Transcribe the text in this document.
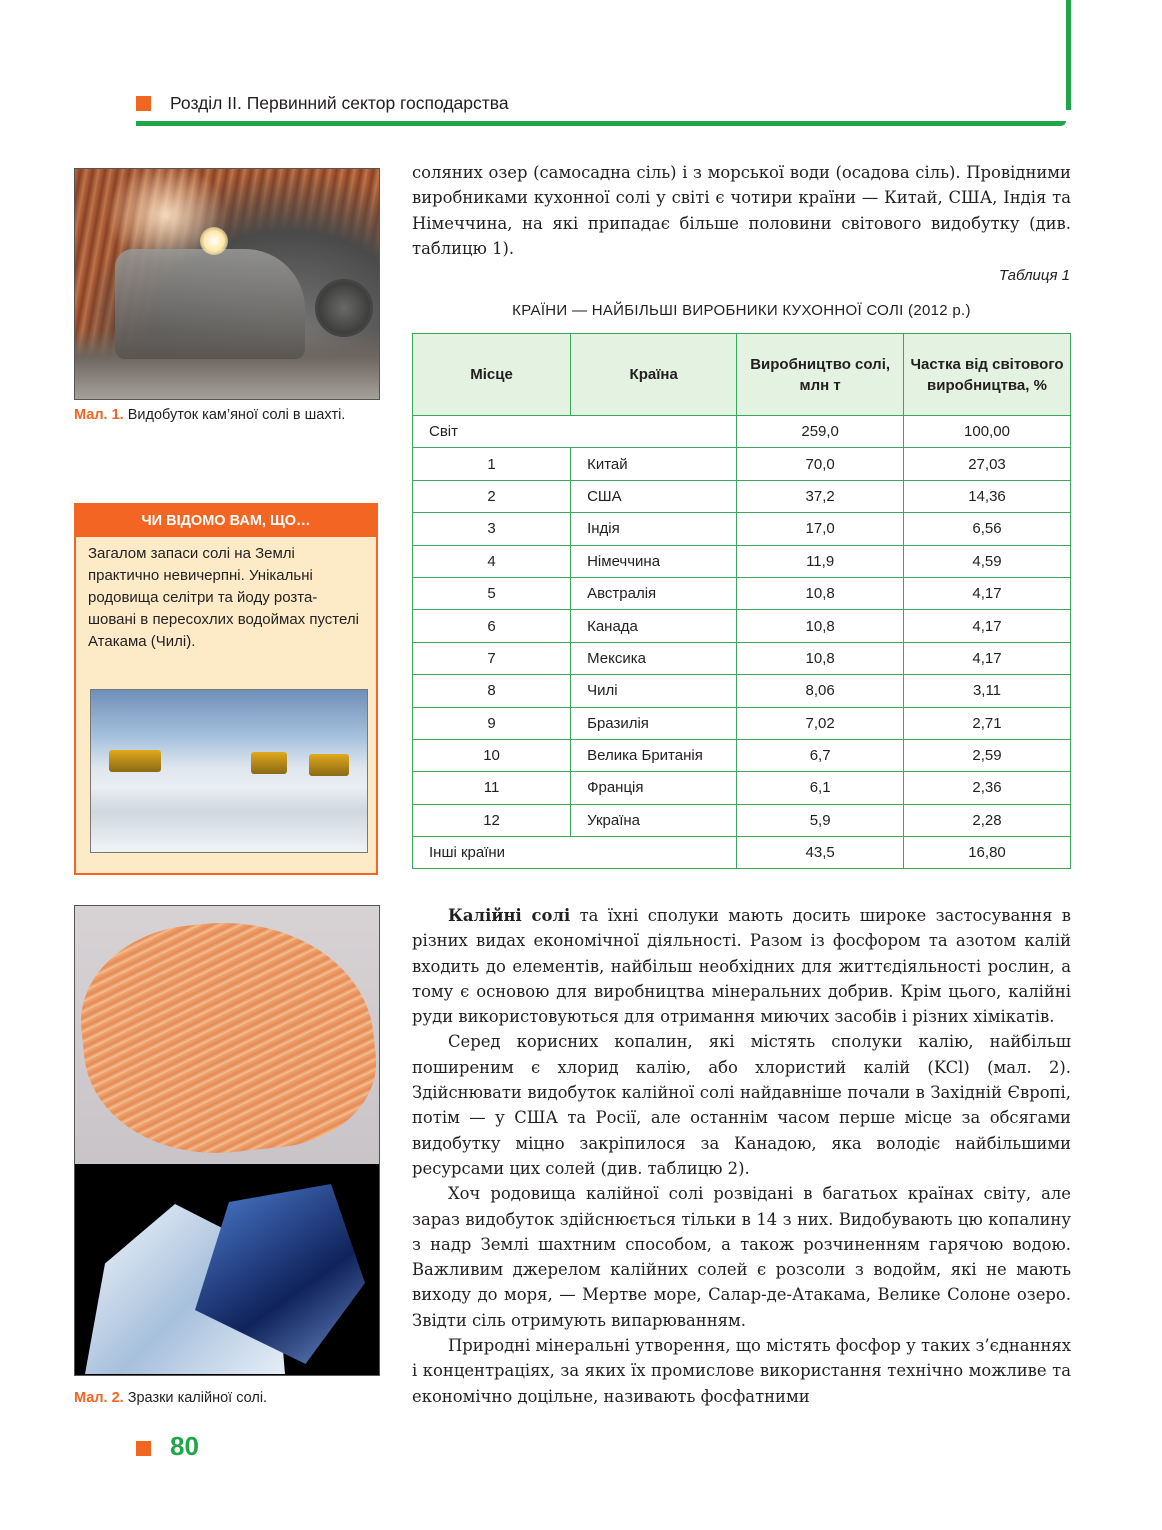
Розділ ІІ. Первинний сектор господарства
Мал. 1. Видобуток кам’яної солі в шахті.
ЧИ ВІДОМО ВАМ, ЩО…
Загалом запаси солі на Землі практично невичерпні. Унікальні родовища селітри та йоду розта-шовані в пересохлих водоймах пустелі Атакама (Чилі).
Мал. 2. Зразки калійної солі.

соляних озер (самосадна сіль) і з морської води (осадова сіль). Провідними виробниками кухонної солі у світі є чотири країни — Китай, США, Індія та Німеччина, на які припадає більше половини світового видобутку (див. таблицю 1).

Таблиця 1
КРАЇНИ — НАЙБІЛЬШІ ВИРОБНИКИ КУХОННОЇ СОЛІ (2012 р.)
Місце	Країна	Виробництво солі, млн т	Частка від світового виробництва, %
Світ		259,0	100,00
1	Китай	70,0	27,03
2	США	37,2	14,36
3	Індія	17,0	6,56
4	Німеччина	11,9	4,59
5	Австралія	10,8	4,17
6	Канада	10,8	4,17
7	Мексика	10,8	4,17
8	Чилі	8,06	3,11
9	Бразилія	7,02	2,71
10	Велика Британія	6,7	2,59
11	Франція	6,1	2,36
12	Україна	5,9	2,28
Інші країни		43,5	16,80

Калійні солі та їхні сполуки мають досить широке застосування в різних видах економічної діяльності. Разом із фосфором та азотом калій входить до елементів, найбільш необхідних для життєдіяльності рослин, а тому є основою для виробництва мінеральних добрив. Крім цього, калійні руди використовуються для отримання миючих засобів і різних хімікатів.

Серед корисних копалин, які містять сполуки калію, найбільш поширеним є хлорид калію, або хлористий калій (KCl) (мал. 2). Здійснювати видобуток калійної солі найдавніше почали в Західній Європі, потім — у США та Росії, але останнім часом перше місце за обсягами видобутку міцно закріпилося за Канадою, яка володіє найбільшими ресурсами цих солей (див. таблицю 2).

Хоч родовища калійної солі розвідані в багатьох країнах світу, але зараз видобуток здійснюється тільки в 14 з них. Видобувають цю копалину з надр Землі шахтним способом, а також розчиненням гарячою водою. Важливим джерелом калійних солей є розсоли з водойм, які не мають виходу до моря, — Мертве море, Салар-де-Атакама, Велике Солоне озеро. Звідти сіль отримують випарюванням.

Природні мінеральні утворення, що містять фосфор у таких з’єднаннях і концентраціях, за яких їх промислове використання технічно можливе та економічно доцільне, називають фосфатними

80
